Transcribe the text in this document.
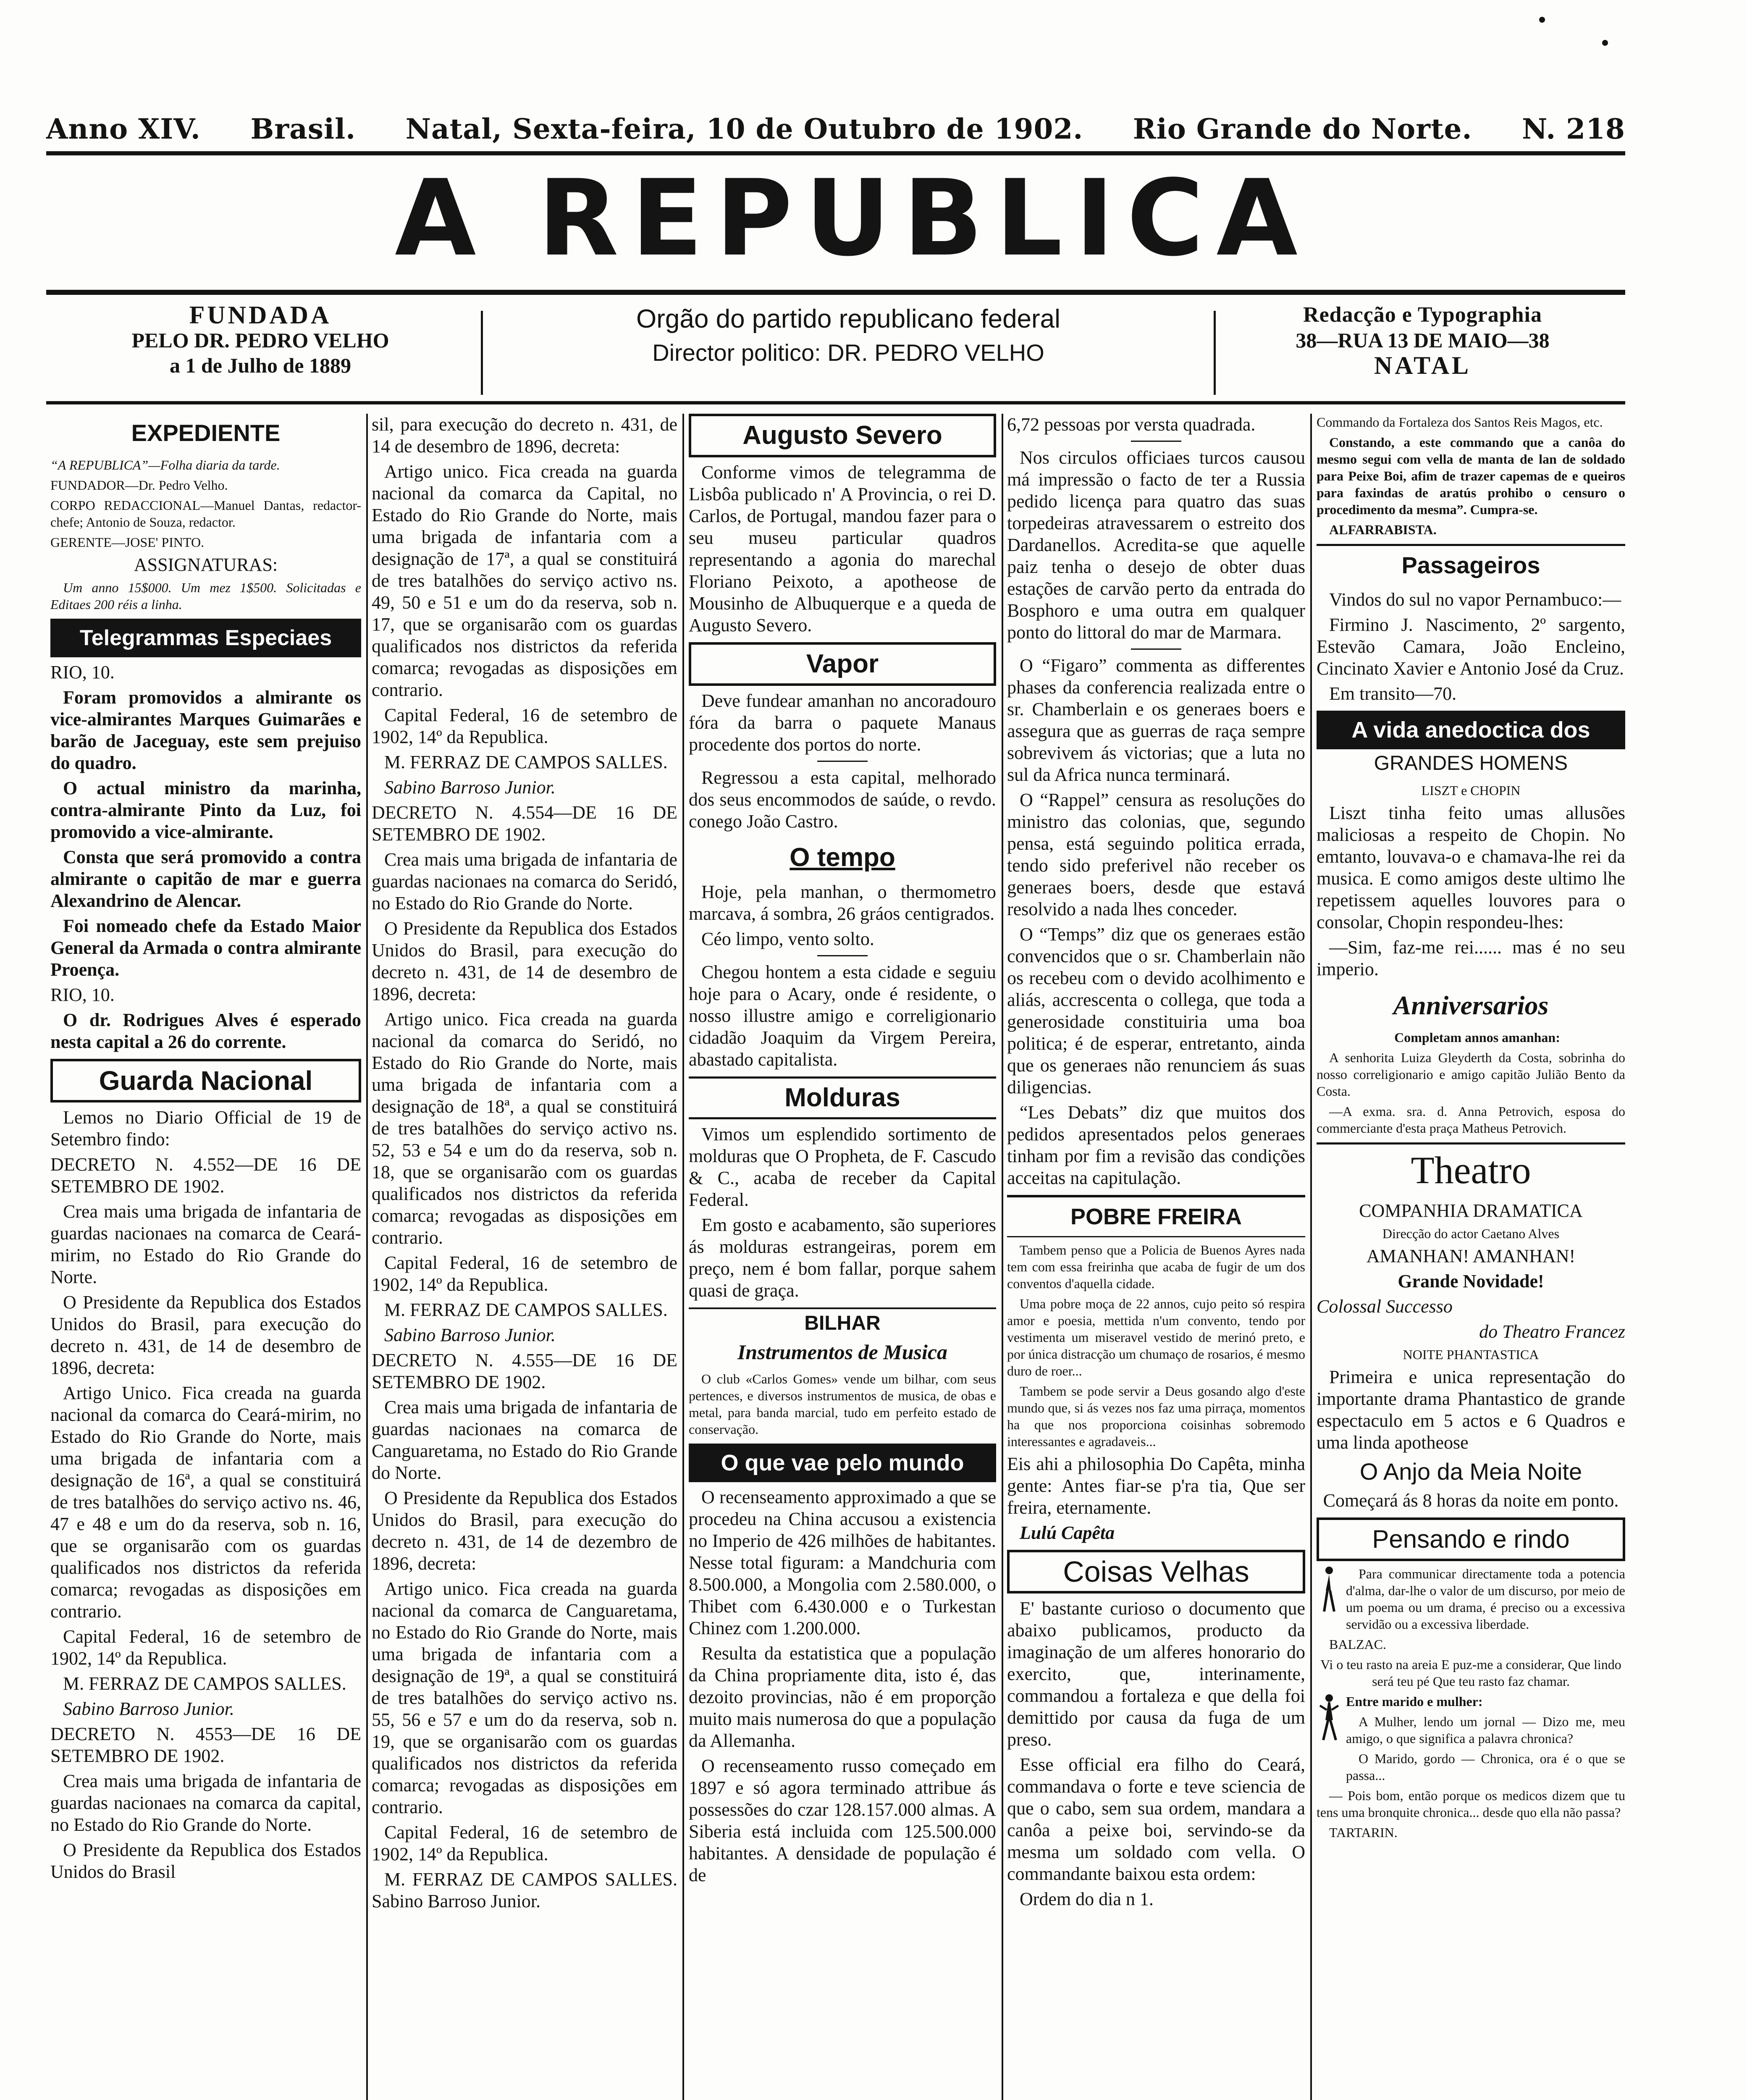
Anno XIV. Brasil. Natal, Sexta-feira, 10 de Outubro de 1902. Rio Grande do Norte. N. 218
A REPUBLICA
FUNDADA
PELO DR. PEDRO VELHO
a 1 de Julho de 1889
Orgão do partido republicano federal
Director politico: DR. PEDRO VELHO
Redacção e Typographia
38—RUA 13 DE MAIO—38
NATAL
EXPEDIENTE

“A REPUBLICA”—Folha diaria da tarde.

FUNDADOR—Dr. Pedro Velho.

CORPO REDACCIONAL—Manuel Dantas, redactor-chefe; Antonio de Souza, redactor.

GERENTE—JOSE' PINTO.

ASSIGNATURAS:

Um anno 15$000. Um mez 1$500. Solicitadas e Editaes 200 réis a linha.

Telegrammas Especiaes

RIO, 10.

Foram promovidos a almirante os vice-almirantes Marques Guimarães e barão de Jaceguay, este sem prejuiso do quadro.

O actual ministro da marinha, contra-almirante Pinto da Luz, foi promovido a vice-almirante.

Consta que será promovido a contra almirante o capitão de mar e guerra Alexandrino de Alencar.

Foi nomeado chefe da Estado Maior General da Armada o contra almirante Proença.

RIO, 10.

O dr. Rodrigues Alves é esperado nesta capital a 26 do corrente.

Guarda Nacional

Lemos no Diario Official de 19 de Setembro findo:

DECRETO N. 4.552—DE 16 DE SETEMBRO DE 1902.

Crea mais uma brigada de infantaria de guardas nacionaes na comarca de Ceará-mirim, no Estado do Rio Grande do Norte.

O Presidente da Republica dos Estados Unidos do Brasil, para execução do decreto n. 431, de 14 de desembro de 1896, decreta:

Artigo Unico. Fica creada na guarda nacional da comarca do Ceará-mirim, no Estado do Rio Grande do Norte, mais uma brigada de infantaria com a designação de 16ª, a qual se constituirá de tres batalhões do serviço activo ns. 46, 47 e 48 e um do da reserva, sob n. 16, que se organisarão com os guardas qualificados nos districtos da referida comarca; revogadas as disposições em contrario.

Capital Federal, 16 de setembro de 1902, 14º da Republica.

M. FERRAZ DE CAMPOS SALLES.

Sabino Barroso Junior.

DECRETO N. 4553—DE 16 DE SETEMBRO DE 1902.

Crea mais uma brigada de infantaria de guardas nacionaes na comarca da capital, no Estado do Rio Grande do Norte.

O Presidente da Republica dos Estados Unidos do Brasil

sil, para execução do decreto n. 431, de 14 de desembro de 1896, decreta:

Artigo unico. Fica creada na guarda nacional da comarca da Capital, no Estado do Rio Grande do Norte, mais uma brigada de infantaria com a designação de 17ª, a qual se constituirá de tres batalhões do serviço activo ns. 49, 50 e 51 e um do da reserva, sob n. 17, que se organisarão com os guardas qualificados nos districtos da referida comarca; revogadas as disposições em contrario.

Capital Federal, 16 de setembro de 1902, 14º da Republica.

M. FERRAZ DE CAMPOS SALLES.

Sabino Barroso Junior.

DECRETO N. 4.554—DE 16 DE SETEMBRO DE 1902.

Crea mais uma brigada de infantaria de guardas nacionaes na comarca do Seridó, no Estado do Rio Grande do Norte.

O Presidente da Republica dos Estados Unidos do Brasil, para execução do decreto n. 431, de 14 de desembro de 1896, decreta:

Artigo unico. Fica creada na guarda nacional da comarca do Seridó, no Estado do Rio Grande do Norte, mais uma brigada de infantaria com a designação de 18ª, a qual se constituirá de tres batalhões do serviço activo ns. 52, 53 e 54 e um do da reserva, sob n. 18, que se organisarão com os guardas qualificados nos districtos da referida comarca; revogadas as disposições em contrario.

Capital Federal, 16 de setembro de 1902, 14º da Republica.

M. FERRAZ DE CAMPOS SALLES.

Sabino Barroso Junior.

DECRETO N. 4.555—DE 16 DE SETEMBRO DE 1902.

Crea mais uma brigada de infantaria de guardas nacionaes na comarca de Canguaretama, no Estado do Rio Grande do Norte.

O Presidente da Republica dos Estados Unidos do Brasil, para execução do decreto n. 431, de 14 de dezembro de 1896, decreta:

Artigo unico. Fica creada na guarda nacional da comarca de Canguaretama, no Estado do Rio Grande do Norte, mais uma brigada de infantaria com a designação de 19ª, a qual se constituirá de tres batalhões do serviço activo ns. 55, 56 e 57 e um do da reserva, sob n. 19, que se organisarão com os guardas qualificados nos districtos da referida comarca; revogadas as disposições em contrario.

Capital Federal, 16 de setembro de 1902, 14º da Republica.

M. FERRAZ DE CAMPOS SALLES. Sabino Barroso Junior.

Augusto Severo

Conforme vimos de telegramma de Lisbôa publicado n' A Provincia, o rei D. Carlos, de Portugal, mandou fazer para o seu museu particular quadros representando a agonia do marechal Floriano Peixoto, a apotheose de Mousinho de Albuquerque e a queda de Augusto Severo.

Vapor

Deve fundear amanhan no ancoradouro fóra da barra o paquete Manaus procedente dos portos do norte.

Regressou a esta capital, melhorado dos seus encommodos de saúde, o revdo. conego João Castro.

O tempo

Hoje, pela manhan, o thermometro marcava, á sombra, 26 gráos centigrados.

Céo limpo, vento solto.

Chegou hontem a esta cidade e seguiu hoje para o Acary, onde é residente, o nosso illustre amigo e correligionario cidadão Joaquim da Virgem Pereira, abastado capitalista.

Molduras

Vimos um esplendido sortimento de molduras que O Propheta, de F. Cascudo & C., acaba de receber da Capital Federal.

Em gosto e acabamento, são superiores ás molduras estrangeiras, porem em preço, nem é bom fallar, porque sahem quasi de graça.

BILHAR
Instrumentos de Musica

O club «Carlos Gomes» vende um bilhar, com seus pertences, e diversos instrumentos de musica, de obas e metal, para banda marcial, tudo em perfeito estado de conservação.

O que vae pelo mundo

O recenseamento approximado a que se procedeu na China accusou a existencia no Imperio de 426 milhões de habitantes. Nesse total figuram: a Mandchuria com 8.500.000, a Mongolia com 2.580.000, o Thibet com 6.430.000 e o Turkestan Chinez com 1.200.000.

Resulta da estatistica que a população da China propriamente dita, isto é, das dezoito provincias, não é em proporção muito mais numerosa do que a população da Allemanha.

O recenseamento russo começado em 1897 e só agora terminado attribue ás possessões do czar 128.157.000 almas. A Siberia está incluida com 125.500.000 habitantes. A densidade de população é de

6,72 pessoas por versta quadrada.

Nos circulos officiaes turcos causou má impressão o facto de ter a Russia pedido licença para quatro das suas torpedeiras atravessarem o estreito dos Dardanellos. Acredita-se que aquelle paiz tenha o desejo de obter duas estações de carvão perto da entrada do Bosphoro e uma outra em qualquer ponto do littoral do mar de Marmara.

O “Figaro” commenta as differentes phases da conferencia realizada entre o sr. Chamberlain e os generaes boers e assegura que as guerras de raça sempre sobrevivem ás victorias; que a luta no sul da Africa nunca terminará.

O “Rappel” censura as resoluções do ministro das colonias, que, segundo pensa, está seguindo politica errada, tendo sido preferivel não receber os generaes boers, desde que estavá resolvido a nada lhes conceder.

O “Temps” diz que os generaes estão convencidos que o sr. Chamberlain não os recebeu com o devido acolhimento e aliás, accrescenta o collega, que toda a generosidade constituiria uma boa politica; é de esperar, entretanto, ainda que os generaes não renunciem ás suas diligencias.

“Les Debats” diz que muitos dos pedidos apresentados pelos generaes tinham por fim a revisão das condições acceitas na capitulação.

POBRE FREIRA

Tambem penso que a Policia de Buenos Ayres nada tem com essa freirinha que acaba de fugir de um dos conventos d'aquella cidade.

Uma pobre moça de 22 annos, cujo peito só respira amor e poesia, mettida n'um convento, tendo por vestimenta um miseravel vestido de merinó preto, e por única distracção um chumaço de rosarios, é mesmo duro de roer...

Tambem se pode servir a Deus gosando algo d'este mundo que, si ás vezes nos faz uma pirraça, momentos ha que nos proporciona coisinhas sobremodo interessantes e agradaveis...

Eis ahi a philosophia Do Capêta, minha gente: Antes fiar-se p'ra tia, Que ser freira, eternamente.

Lulú Capêta

Coisas Velhas

E' bastante curioso o documento que abaixo publicamos, producto da imaginação de um alferes honorario do exercito, que, interinamente, commandou a fortaleza e que della foi demittido por causa da fuga de um preso.

Esse official era filho do Ceará, commandava o forte e teve sciencia de que o cabo, sem sua ordem, mandara a canôa a peixe boi, servindo-se da mesma um soldado com vella. O commandante baixou esta ordem:

Ordem do dia n 1.

Commando da Fortaleza dos Santos Reis Magos, etc.

Constando, a este commando que a canôa do mesmo segui com vella de manta de lan de soldado para Peixe Boi, afim de trazer capemas de e queiros para faxindas de aratús prohibo o censuro o procedimento da mesma”. Cumpra-se.

ALFARRABISTA.

Passageiros

Vindos do sul no vapor Pernambuco:—

Firmino J. Nascimento, 2º sargento, Estevão Camara, João Encleino, Cincinato Xavier e Antonio José da Cruz.

Em transito—70.

A vida anedoctica dos
GRANDES HOMENS

LISZT e CHOPIN

Liszt tinha feito umas allusões maliciosas a respeito de Chopin. No emtanto, louvava-o e chamava-lhe rei da musica. E como amigos deste ultimo lhe repetissem aquelles louvores para o consolar, Chopin respondeu-lhes:

—Sim, faz-me rei...... mas é no seu imperio.

Anniversarios

Completam annos amanhan:

A senhorita Luiza Gleyderth da Costa, sobrinha do nosso correligionario e amigo capitão Julião Bento da Costa.

—A exma. sra. d. Anna Petrovich, esposa do commerciante d'esta praça Matheus Petrovich.

Theatro

COMPANHIA DRAMATICA

Direcção do actor Caetano Alves

AMANHAN! AMANHAN!

Grande Novidade!

Colossal Successo

do Theatro Francez

NOITE PHANTASTICA

Primeira e unica representação do importante drama Phantastico de grande espectaculo em 5 actos e 6 Quadros e uma linda apotheose

O Anjo da Meia Noite

Começará ás 8 horas da noite em ponto.

Pensando e rindo

Para communicar directamente toda a potencia d'alma, dar-lhe o valor de um discurso, por meio de um poema ou um drama, é preciso ou a excessiva servidão ou a excessiva liberdade.

BALZAC.

Vi o teu rasto na areia E puz-me a considerar, Que lindo será teu pé Que teu rasto faz chamar.

Entre marido e mulher:

A Mulher, lendo um jornal — Dizo me, meu amigo, o que significa a palavra chronica?

O Marido, gordo — Chronica, ora é o que se passa...

— Pois bom, então porque os medicos dizem que tu tens uma bronquite chronica... desde quo ella não passa?

TARTARIN.
